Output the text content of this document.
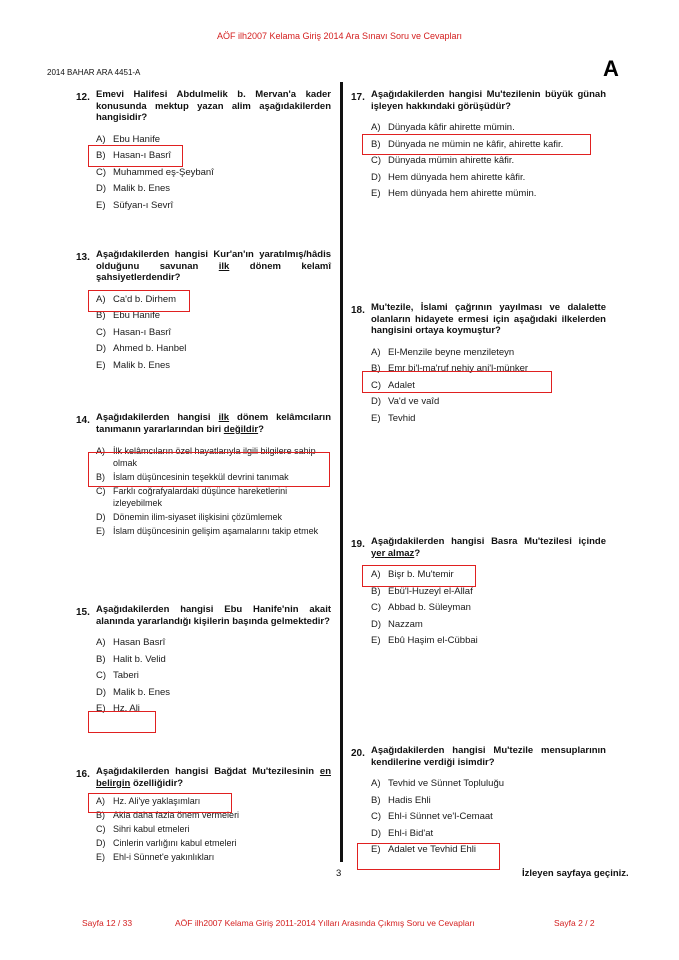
AÖF ilh2007 Kelama Giriş 2014 Ara Sınavı Soru ve Cevapları
2014 BAHAR ARA 4451-A	A
12. Emevi Halifesi Abdulmelik b. Mervan'a kader konusunda mektup yazan alim aşağıdakilerden hangisidir?
A) Ebu Hanife
B) Hasan-ı Basrî
C) Muhammed eş-Şeybanî
D) Malik b. Enes
E) Süfyan-ı Sevrî
13. Aşağıdakilerden hangisi Kur'an'ın yaratılmış/hâdis olduğunu savunan ilk dönem kelamî şahsiyetlerdendir?
A) Ca'd b. Dirhem
B) Ebu Hanife
C) Hasan-ı Basrî
D) Ahmed b. Hanbel
E) Malik b. Enes
14. Aşağıdakilerden hangisi ilk dönem kelâmcıların tanımanın yararlarından biri değildir?
A) İlk kelâmcıların özel hayatlarıyla ilgili bilgilere sahip olmak
B) İslam düşüncesinin teşekkül devrini tanımak
C) Farklı coğrafyalardaki düşünce hareketlerini izleyebilmek
D) Dönemin ilim-siyaset ilişkisini çözümlemek
E) İslam düşüncesinin gelişim aşamalarını takip etmek
15. Aşağıdakilerden hangisi Ebu Hanife'nin akait alanında yararlandığı kişilerin başında gelmektedir?
A) Hasan Basrî
B) Halit b. Velid
C) Taberi
D) Malik b. Enes
E) Hz. Ali
16. Aşağıdakilerden hangisi Bağdat Mu'tezilesinin en belirgin özelliğidir?
A) Hz. Ali'ye yaklaşımları
B) Akla daha fazla önem vermeleri
C) Sihri kabul etmeleri
D) Cinlerin varlığını kabul etmeleri
E) Ehl-i Sünnet'e yakınlıkları
17. Aşağıdakilerden hangisi Mu'tezilenin büyük günah işleyen hakkındaki görüşüdür?
A) Dünyada kâfir ahirette mümin.
B) Dünyada ne mümin ne kâfir, ahirette kafir.
C) Dünyada mümin ahirette kâfir.
D) Hem dünyada hem ahirette kâfir.
E) Hem dünyada hem ahirette mümin.
18. Mu'tezile, İslami çağrının yayılması ve dalalette olanların hidayete ermesi için aşağıdaki ilkelerden hangisini ortaya koymuştur?
A) El-Menzile beyne menzileteyn
B) Emr bi'l-ma'ruf nehiy ani'l-münker
C) Adalet
D) Va'd ve vaîd
E) Tevhid
19. Aşağıdakilerden hangisi Basra Mu'tezilesi içinde yer almaz?
A) Bişr b. Mu'temir
B) Ebü'l-Huzeyl el-Allaf
C) Abbad b. Süleyman
D) Nazzam
E) Ebû Haşim el-Cübbai
20. Aşağıdakilerden hangisi Mu'tezile mensuplarının kendilerine verdiği isimdir?
A) Tevhid ve Sünnet Topluluğu
B) Hadis Ehli
C) Ehl-i Sünnet ve'l-Cemaat
D) Ehl-i Bid'at
E) Adalet ve Tevhid Ehli
3	İzleyen sayfaya geçiniz.
Sayfa 12 / 33	AÖF ilh2007 Kelama Giriş 2011-2014 Yılları Arasında Çıkmış Soru ve Cevapları	Sayfa 2 / 2
